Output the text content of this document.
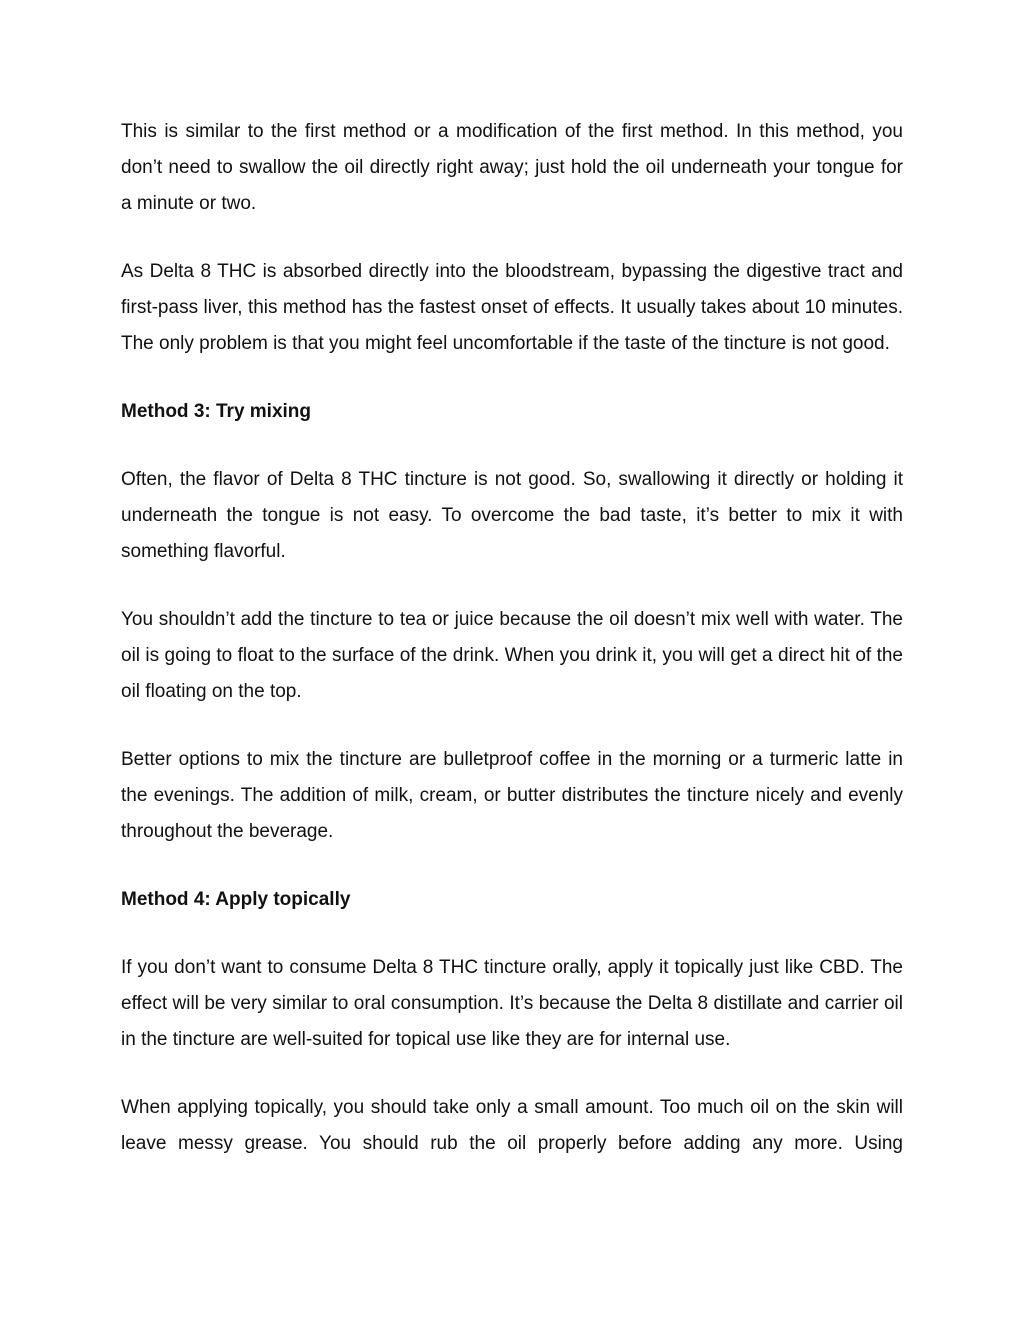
This is similar to the first method or a modification of the first method. In this method, you don’t need to swallow the oil directly right away; just hold the oil underneath your tongue for a minute or two.

As Delta 8 THC is absorbed directly into the bloodstream, bypassing the digestive tract and first-pass liver, this method has the fastest onset of effects. It usually takes about 10 minutes. The only problem is that you might feel uncomfortable if the taste of the tincture is not good.

Method 3: Try mixing

Often, the flavor of Delta 8 THC tincture is not good. So, swallowing it directly or holding it underneath the tongue is not easy. To overcome the bad taste, it’s better to mix it with something flavorful.

You shouldn’t add the tincture to tea or juice because the oil doesn’t mix well with water. The oil is going to float to the surface of the drink. When you drink it, you will get a direct hit of the oil floating on the top.

Better options to mix the tincture are bulletproof coffee in the morning or a turmeric latte in the evenings. The addition of milk, cream, or butter distributes the tincture nicely and evenly throughout the beverage.

Method 4: Apply topically

If you don’t want to consume Delta 8 THC tincture orally, apply it topically just like CBD. The effect will be very similar to oral consumption. It’s because the Delta 8 distillate and carrier oil in the tincture are well-suited for topical use like they are for internal use.

When applying topically, you should take only a small amount. Too much oil on the skin will leave messy grease. You should rub the oil properly before adding any more. Using
